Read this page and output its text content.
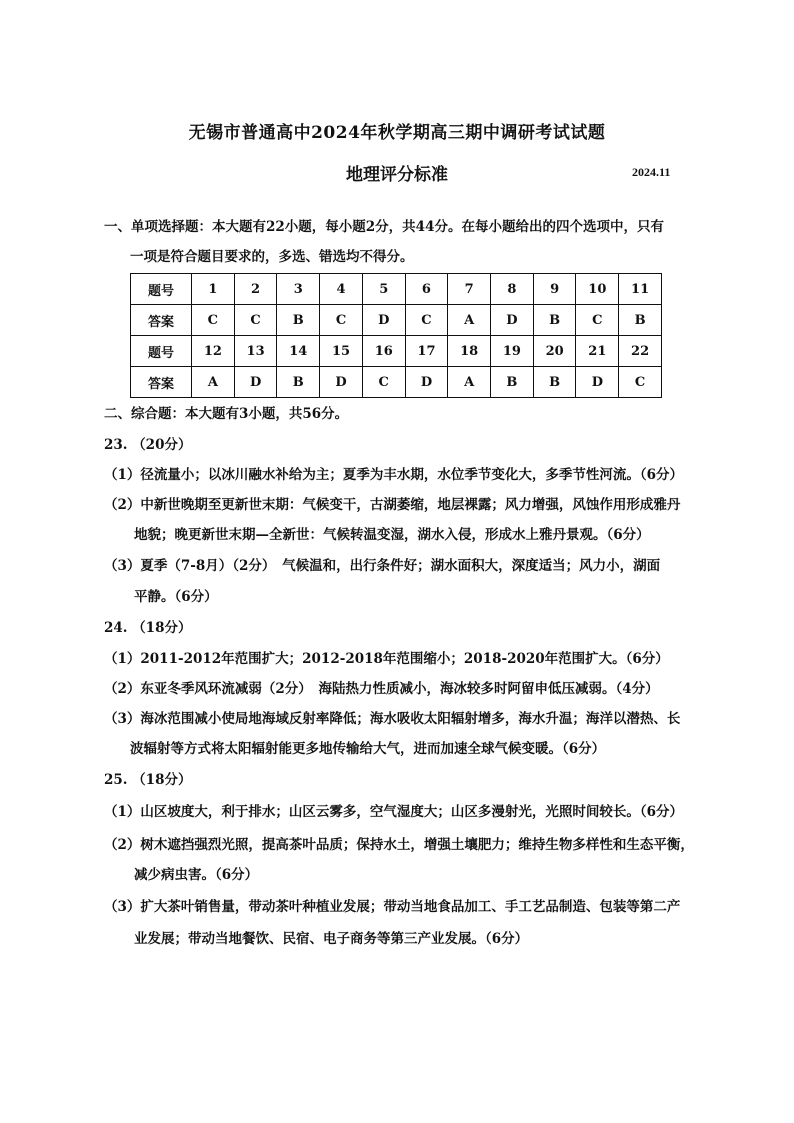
无锡市普通高中2024年秋学期高三期中调研考试试题
地理评分标准	2024.11
一、单项选择题：本大题有22小题，每小题2分，共44分。在每小题给出的四个选项中，只有
一项是符合题目要求的，多选、错选均不得分。
题号	1	2	3	4	5	6	7	8	9	10	11
答案	C	C	B	C	D	C	A	D	B	C	B
题号	12	13	14	15	16	17	18	19	20	21	22
答案	A	D	B	D	C	D	A	B	B	D	C
二、综合题：本大题有3小题，共56分。
23. （20分）
（1）径流量小；以冰川融水补给为主；夏季为丰水期，水位季节变化大，多季节性河流。（6分）
（2）中新世晚期至更新世末期：气候变干，古湖萎缩，地层裸露；风力增强，风蚀作用形成雅丹
地貌；晚更新世末期—全新世：气候转温变湿，湖水入侵，形成水上雅丹景观。（6分）
（3）夏季（7-8月）（2分）　气候温和，出行条件好；湖水面积大，深度适当；风力小，湖面
平静。（6分）
24. （18分）
（1）2011-2012年范围扩大；2012-2018年范围缩小；2018-2020年范围扩大。（6分）
（2）东亚冬季风环流减弱（2分）　海陆热力性质减小，海冰较多时阿留申低压减弱。（4分）
（3）海冰范围减小使局地海域反射率降低；海水吸收太阳辐射增多，海水升温；海洋以潜热、长
波辐射等方式将太阳辐射能更多地传输给大气，进而加速全球气候变暖。（6分）
25. （18分）
（1）山区坡度大，利于排水；山区云雾多，空气湿度大；山区多漫射光，光照时间较长。（6分）
（2）树木遮挡强烈光照，提高茶叶品质；保持水土，增强土壤肥力；维持生物多样性和生态平衡，
减少病虫害。（6分）
（3）扩大茶叶销售量，带动茶叶种植业发展；带动当地食品加工、手工艺品制造、包装等第二产
业发展；带动当地餐饮、民宿、电子商务等第三产业发展。（6分）
